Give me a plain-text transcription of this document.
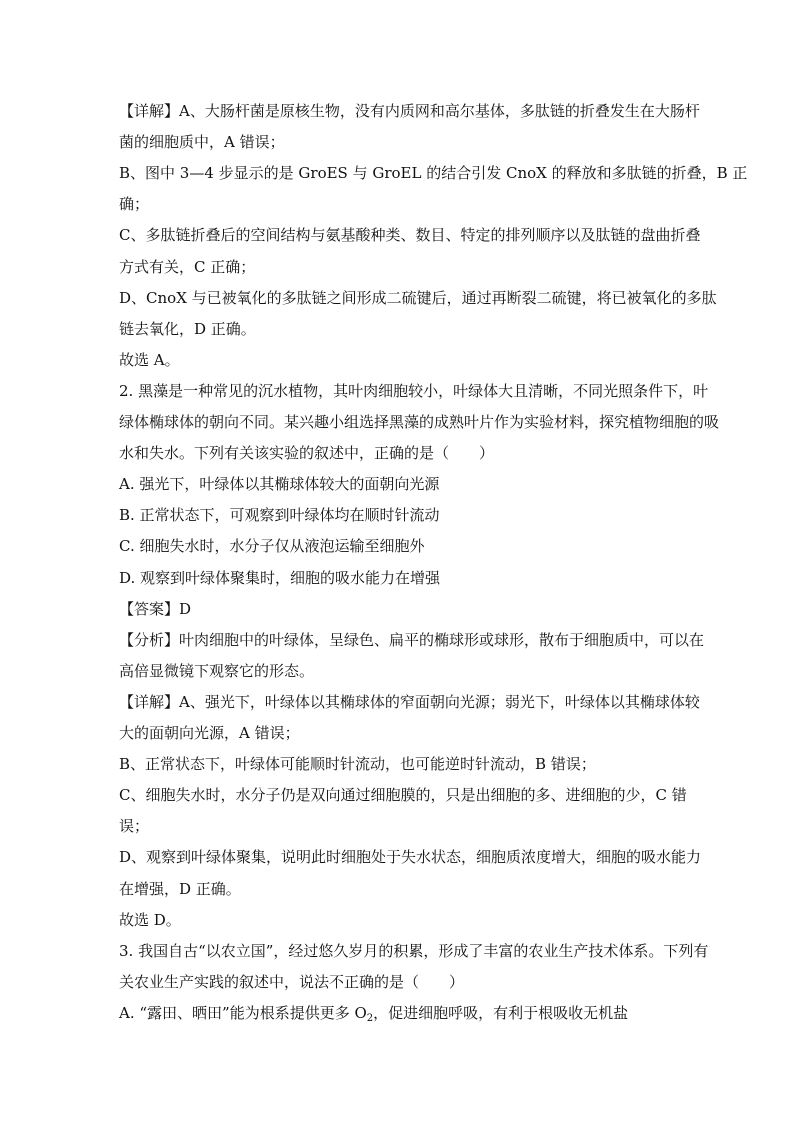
【详解】A、大肠杆菌是原核生物，没有内质网和高尔基体，多肽链的折叠发生在大肠杆
菌的细胞质中，A 错误；
B、图中 3—4 步显示的是 GroES 与 GroEL 的结合引发 CnoX 的释放和多肽链的折叠，B 正
确；
C、多肽链折叠后的空间结构与氨基酸种类、数目、特定的排列顺序以及肽链的盘曲折叠
方式有关，C 正确；
D、CnoX 与已被氧化的多肽链之间形成二硫键后，通过再断裂二硫键，将已被氧化的多肽
链去氧化，D 正确。
故选 A。
2. 黑藻是一种常见的沉水植物，其叶肉细胞较小，叶绿体大且清晰，不同光照条件下，叶
绿体椭球体的朝向不同。某兴趣小组选择黑藻的成熟叶片作为实验材料，探究植物细胞的吸
水和失水。下列有关该实验的叙述中，正确的是（　　）
A. 强光下，叶绿体以其椭球体较大的面朝向光源
B. 正常状态下，可观察到叶绿体均在顺时针流动
C. 细胞失水时，水分子仅从液泡运输至细胞外
D. 观察到叶绿体聚集时，细胞的吸水能力在增强
【答案】D
【分析】叶肉细胞中的叶绿体，呈绿色、扁平的椭球形或球形，散布于细胞质中，可以在
高倍显微镜下观察它的形态。
【详解】A、强光下，叶绿体以其椭球体的窄面朝向光源；弱光下，叶绿体以其椭球体较
大的面朝向光源，A 错误；
B、正常状态下，叶绿体可能顺时针流动，也可能逆时针流动，B 错误；
C、细胞失水时，水分子仍是双向通过细胞膜的，只是出细胞的多、进细胞的少，C 错
误；
D、观察到叶绿体聚集，说明此时细胞处于失水状态，细胞质浓度增大，细胞的吸水能力
在增强，D 正确。
故选 D。
3. 我国自古“以农立国”，经过悠久岁月的积累，形成了丰富的农业生产技术体系。下列有
关农业生产实践的叙述中，说法不正确的是（　　）
A. “露田、晒田”能为根系提供更多 $O_2$，促进细胞呼吸，有利于根吸收无机盐
